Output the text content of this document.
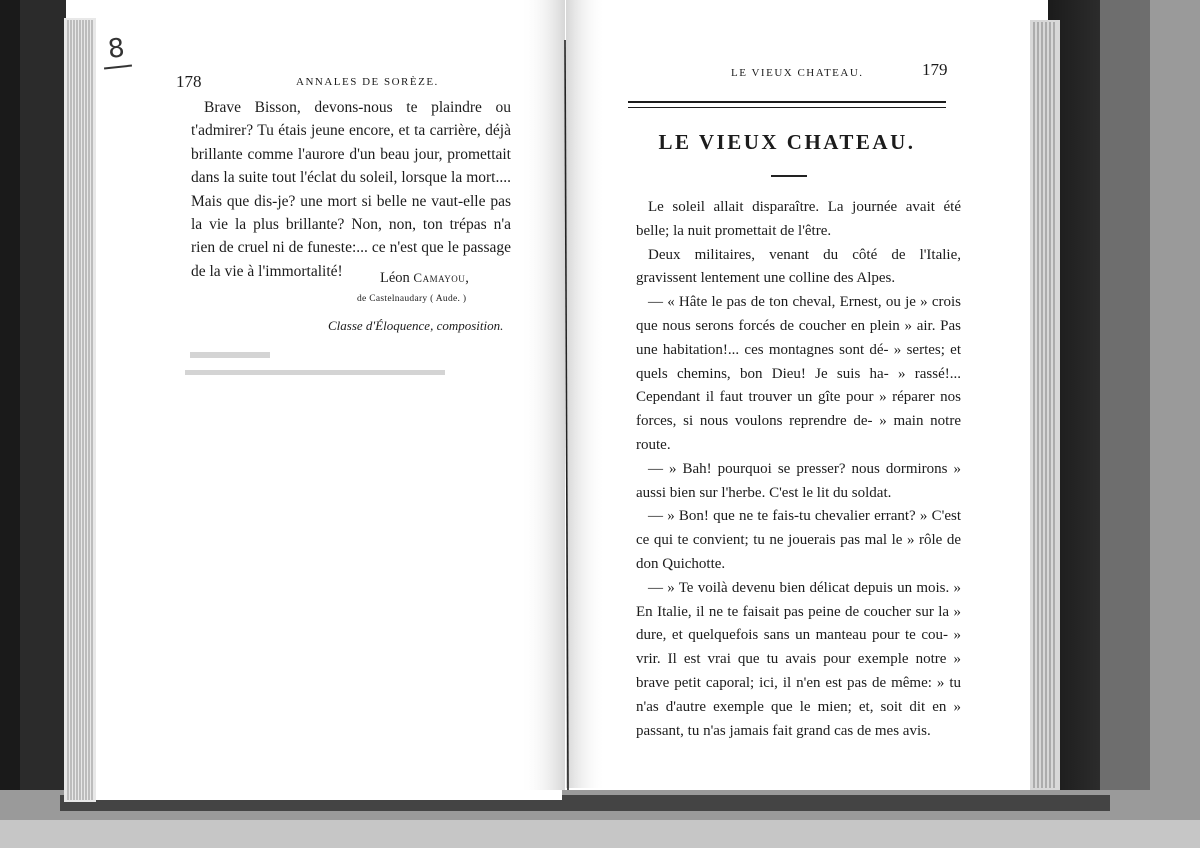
8
178	ANNALES DE SORÈZE.

Brave Bisson, devons-nous te plaindre ou t'admirer? Tu étais jeune encore, et ta carrière, déjà brillante comme l'aurore d'un beau jour, promettait dans la suite tout l'éclat du soleil, lorsque la mort.... Mais que dis-je? une mort si belle ne vaut-elle pas la vie la plus brillante? Non, non, ton trépas n'a rien de cruel ni de funeste:... ce n'est que le passage de la vie à l'immortalité!	Léon Camayou,
de Castelnaudary ( Aude. )
Classe d'Éloquence, composition.
LE VIEUX CHATEAU.	179
LE VIEUX CHATEAU.

Le soleil allait disparaître. La journée avait été belle; la nuit promettait de l'être.

Deux militaires, venant du côté de l'Italie, gravissent lentement une colline des Alpes.

— « Hâte le pas de ton cheval, Ernest, ou je » crois que nous serons forcés de coucher en plein » air. Pas une habitation!... ces montagnes sont dé- » sertes; et quels chemins, bon Dieu! Je suis ha- » rassé!... Cependant il faut trouver un gîte pour » réparer nos forces, si nous voulons reprendre de- » main notre route.

— » Bah! pourquoi se presser? nous dormirons » aussi bien sur l'herbe. C'est le lit du soldat.

— » Bon! que ne te fais-tu chevalier errant? » C'est ce qui te convient; tu ne jouerais pas mal le » rôle de don Quichotte.

— » Te voilà devenu bien délicat depuis un mois. » En Italie, il ne te faisait pas peine de coucher sur la » dure, et quelquefois sans un manteau pour te cou- » vrir. Il est vrai que tu avais pour exemple notre » brave petit caporal; ici, il n'en est pas de même: » tu n'as d'autre exemple que le mien; et, soit dit en » passant, tu n'as jamais fait grand cas de mes avis.
